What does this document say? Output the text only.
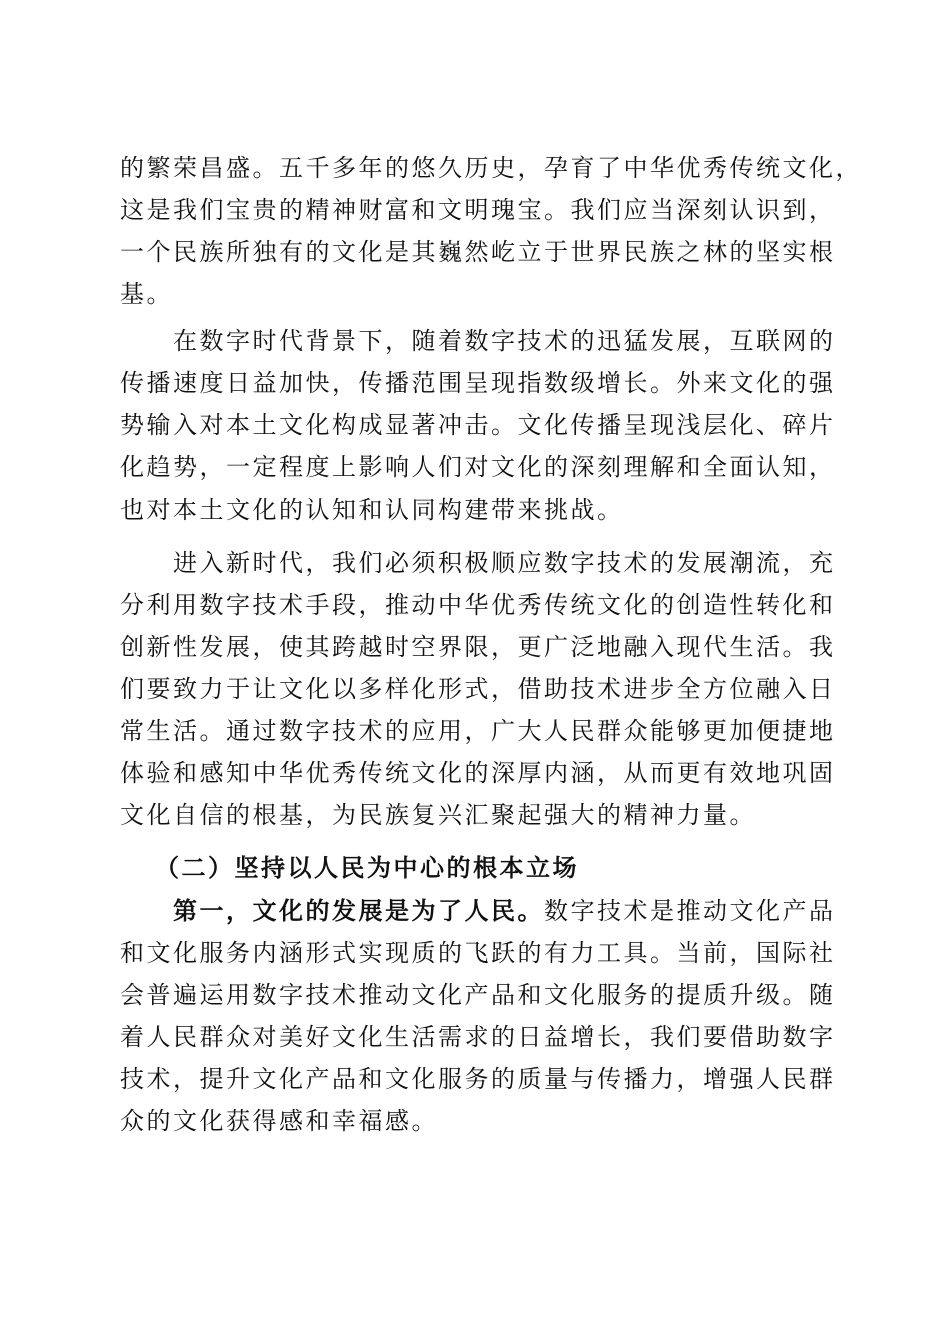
的繁荣昌盛。五千多年的悠久历史，孕育了中华优秀传统文化，
这是我们宝贵的精神财富和文明瑰宝。我们应当深刻认识到，
一个民族所独有的文化是其巍然屹立于世界民族之林的坚实根
基。
在数字时代背景下，随着数字技术的迅猛发展，互联网的
传播速度日益加快，传播范围呈现指数级增长。外来文化的强
势输入对本土文化构成显著冲击。文化传播呈现浅层化、碎片
化趋势，一定程度上影响人们对文化的深刻理解和全面认知，
也对本土文化的认知和认同构建带来挑战。
进入新时代，我们必须积极顺应数字技术的发展潮流，充
分利用数字技术手段，推动中华优秀传统文化的创造性转化和
创新性发展，使其跨越时空界限，更广泛地融入现代生活。我
们要致力于让文化以多样化形式，借助技术进步全方位融入日
常生活。通过数字技术的应用，广大人民群众能够更加便捷地
体验和感知中华优秀传统文化的深厚内涵，从而更有效地巩固
文化自信的根基，为民族复兴汇聚起强大的精神力量。
（二）坚持以人民为中心的根本立场
第一，文化的发展是为了人民。数字技术是推动文化产品
和文化服务内涵形式实现质的飞跃的有力工具。当前，国际社
会普遍运用数字技术推动文化产品和文化服务的提质升级。随
着人民群众对美好文化生活需求的日益增长，我们要借助数字
技术，提升文化产品和文化服务的质量与传播力，增强人民群
众的文化获得感和幸福感。
